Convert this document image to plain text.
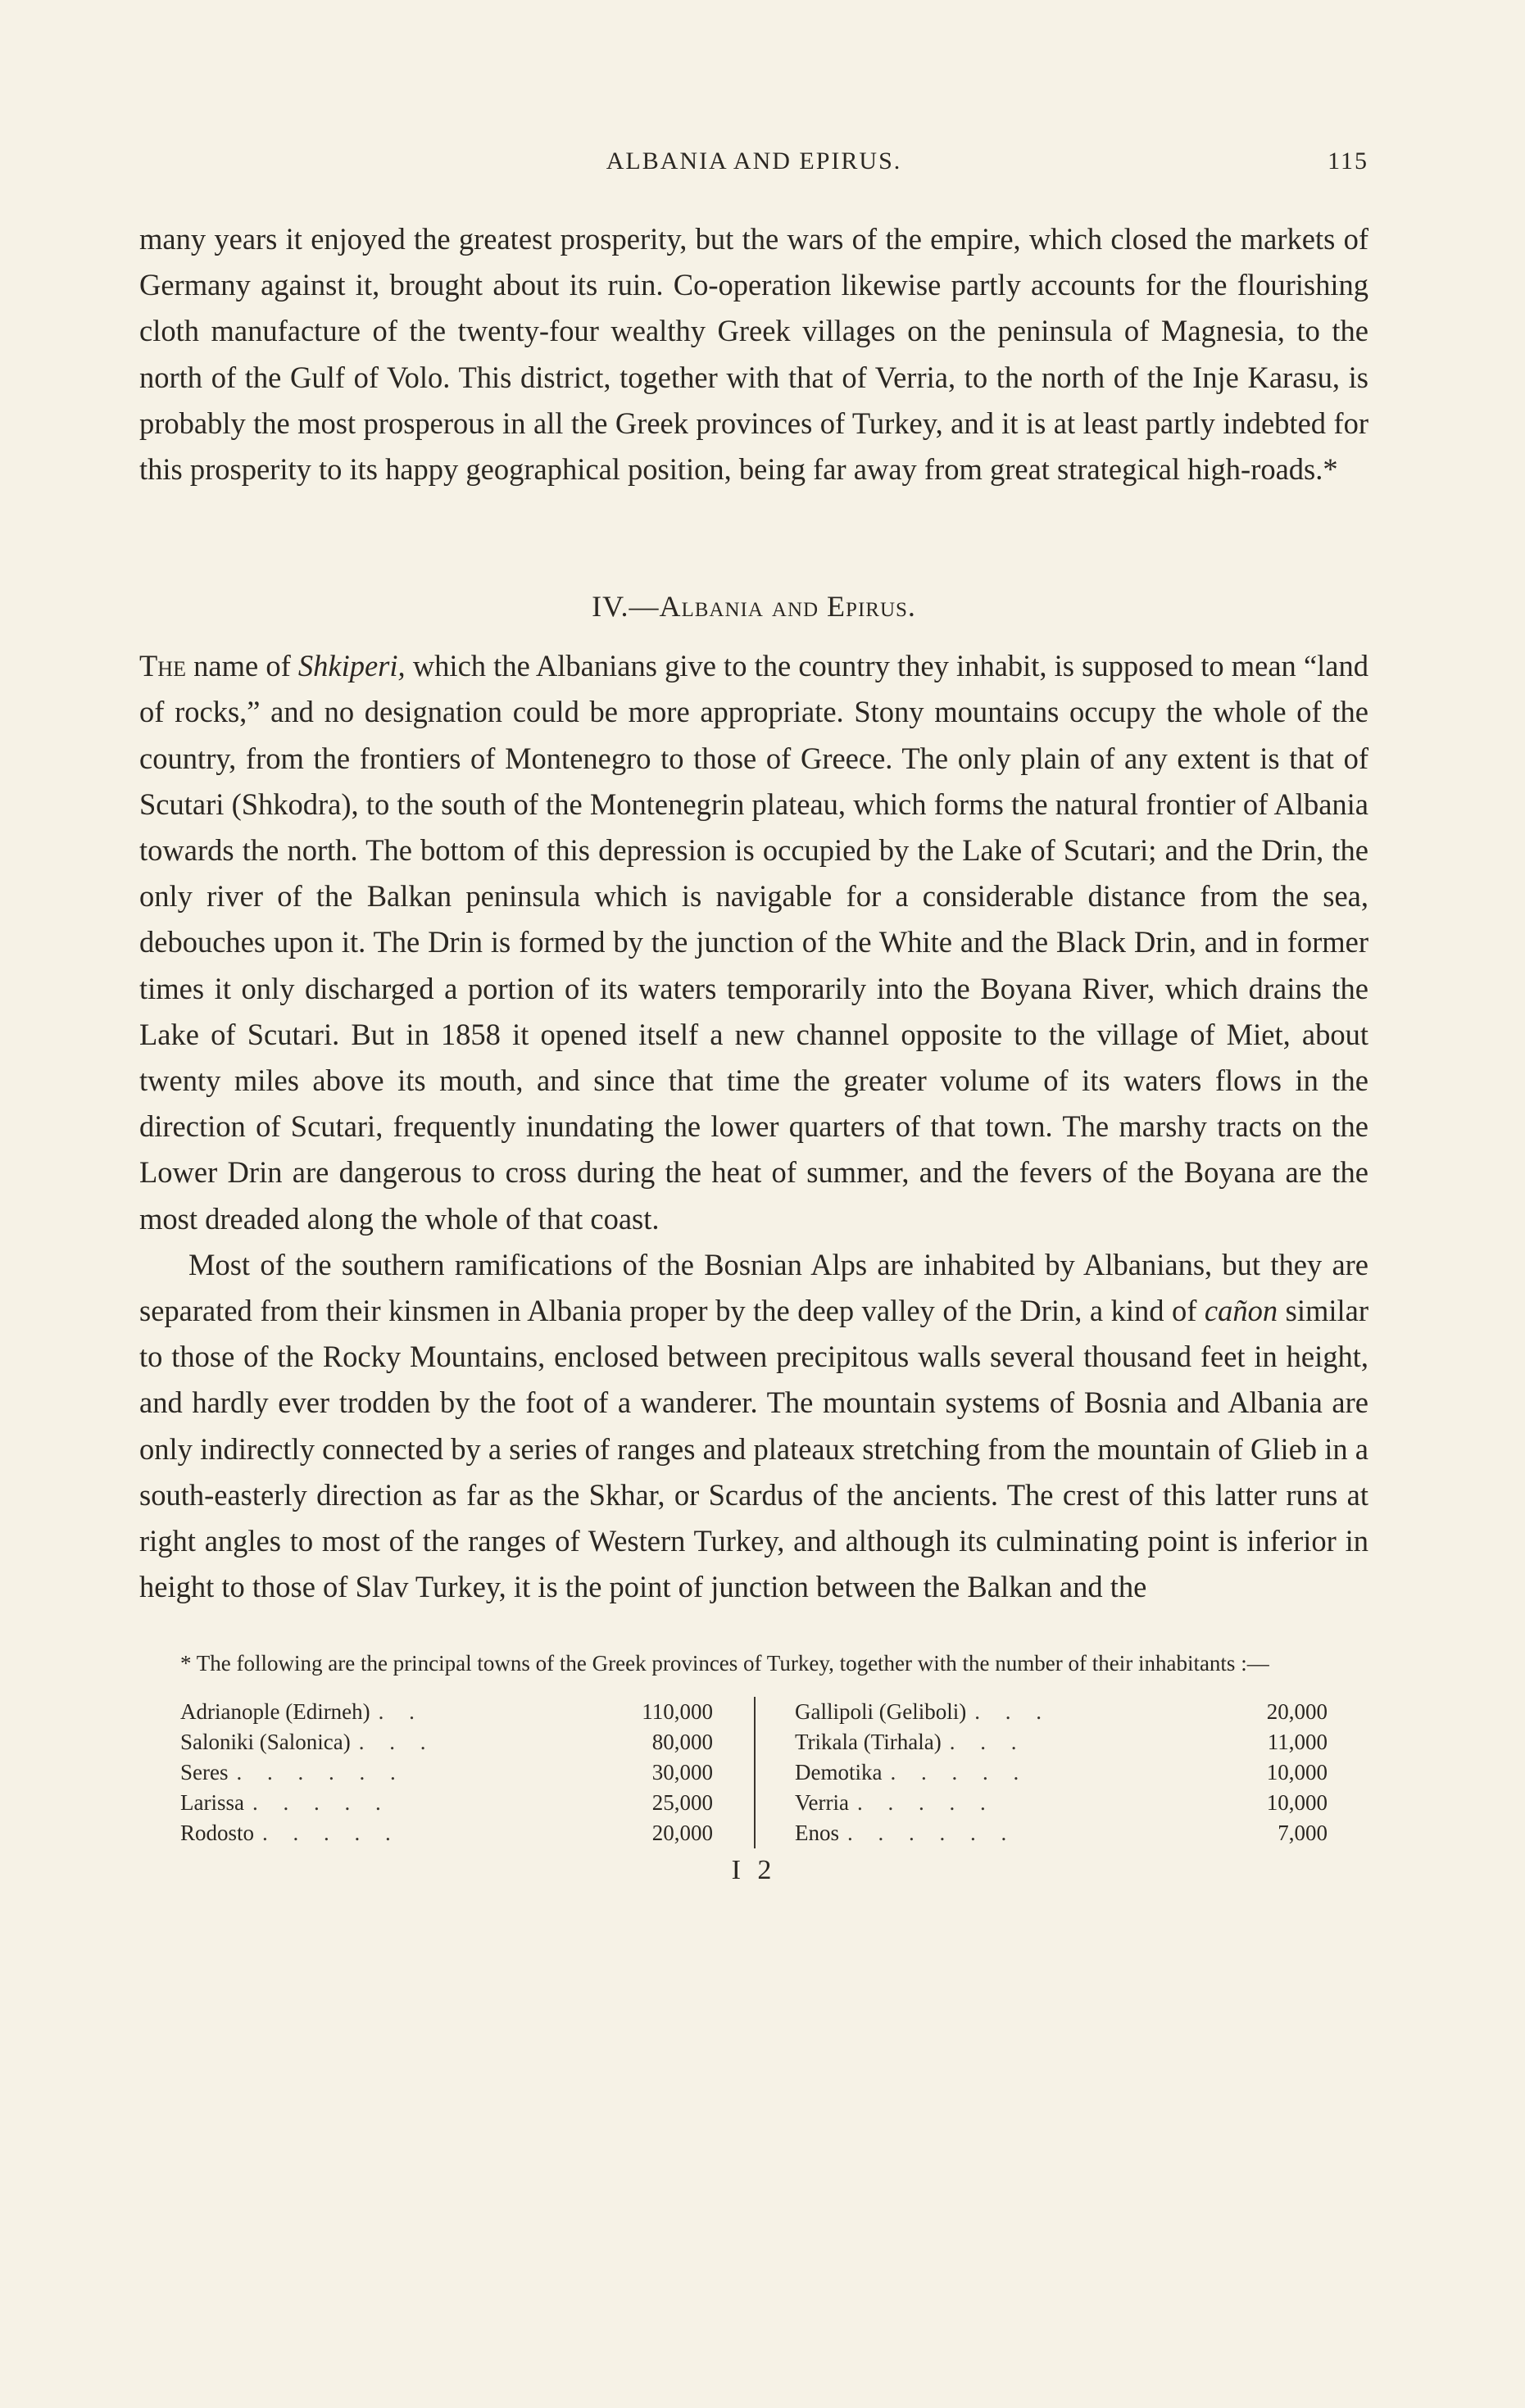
ALBANIA AND EPIRUS.	115

many years it enjoyed the greatest prosperity, but the wars of the empire, which closed the markets of Germany against it, brought about its ruin. Co-operation likewise partly accounts for the flourishing cloth manufacture of the twenty-four wealthy Greek villages on the peninsula of Magnesia, to the north of the Gulf of Volo. This district, together with that of Verria, to the north of the Inje Karasu, is probably the most prosperous in all the Greek provinces of Turkey, and it is at least partly indebted for this prosperity to its happy geographical position, being far away from great strategical high-roads.*

IV.—Albania and Epirus.

The name of Shkiperi, which the Albanians give to the country they inhabit, is supposed to mean “land of rocks,” and no designation could be more appropriate. Stony mountains occupy the whole of the country, from the frontiers of Montenegro to those of Greece. The only plain of any extent is that of Scutari (Shkodra), to the south of the Montenegrin plateau, which forms the natural frontier of Albania towards the north. The bottom of this depression is occupied by the Lake of Scutari; and the Drin, the only river of the Balkan peninsula which is navigable for a considerable distance from the sea, debouches upon it. The Drin is formed by the junction of the White and the Black Drin, and in former times it only discharged a portion of its waters temporarily into the Boyana River, which drains the Lake of Scutari. But in 1858 it opened itself a new channel opposite to the village of Miet, about twenty miles above its mouth, and since that time the greater volume of its waters flows in the direction of Scutari, frequently inundating the lower quarters of that town. The marshy tracts on the Lower Drin are dangerous to cross during the heat of summer, and the fevers of the Boyana are the most dreaded along the whole of that coast.

Most of the southern ramifications of the Bosnian Alps are inhabited by Albanians, but they are separated from their kinsmen in Albania proper by the deep valley of the Drin, a kind of cañon similar to those of the Rocky Mountains, enclosed between precipitous walls several thousand feet in height, and hardly ever trodden by the foot of a wanderer. The mountain systems of Bosnia and Albania are only indirectly connected by a series of ranges and plateaux stretching from the mountain of Glieb in a south-easterly direction as far as the Skhar, or Scardus of the ancients. The crest of this latter runs at right angles to most of the ranges of Western Turkey, and although its culminating point is inferior in height to those of Slav Turkey, it is the point of junction between the Balkan and the

* The following are the principal towns of the Greek provinces of Turkey, together with the number of their inhabitants :—

Adrianople (Edirneh) . .	110,000
Saloniki (Salonica) . . .	80,000
Seres . . . . . .	30,000
Larissa . . . . .	25,000
Rodosto . . . . .	20,000
Gallipoli (Geliboli) . . .	20,000
Trikala (Tirhala) . . .	11,000
Demotika . . . . .	10,000
Verria . . . . .	10,000
Enos . . . . . .	7,000
I 2
